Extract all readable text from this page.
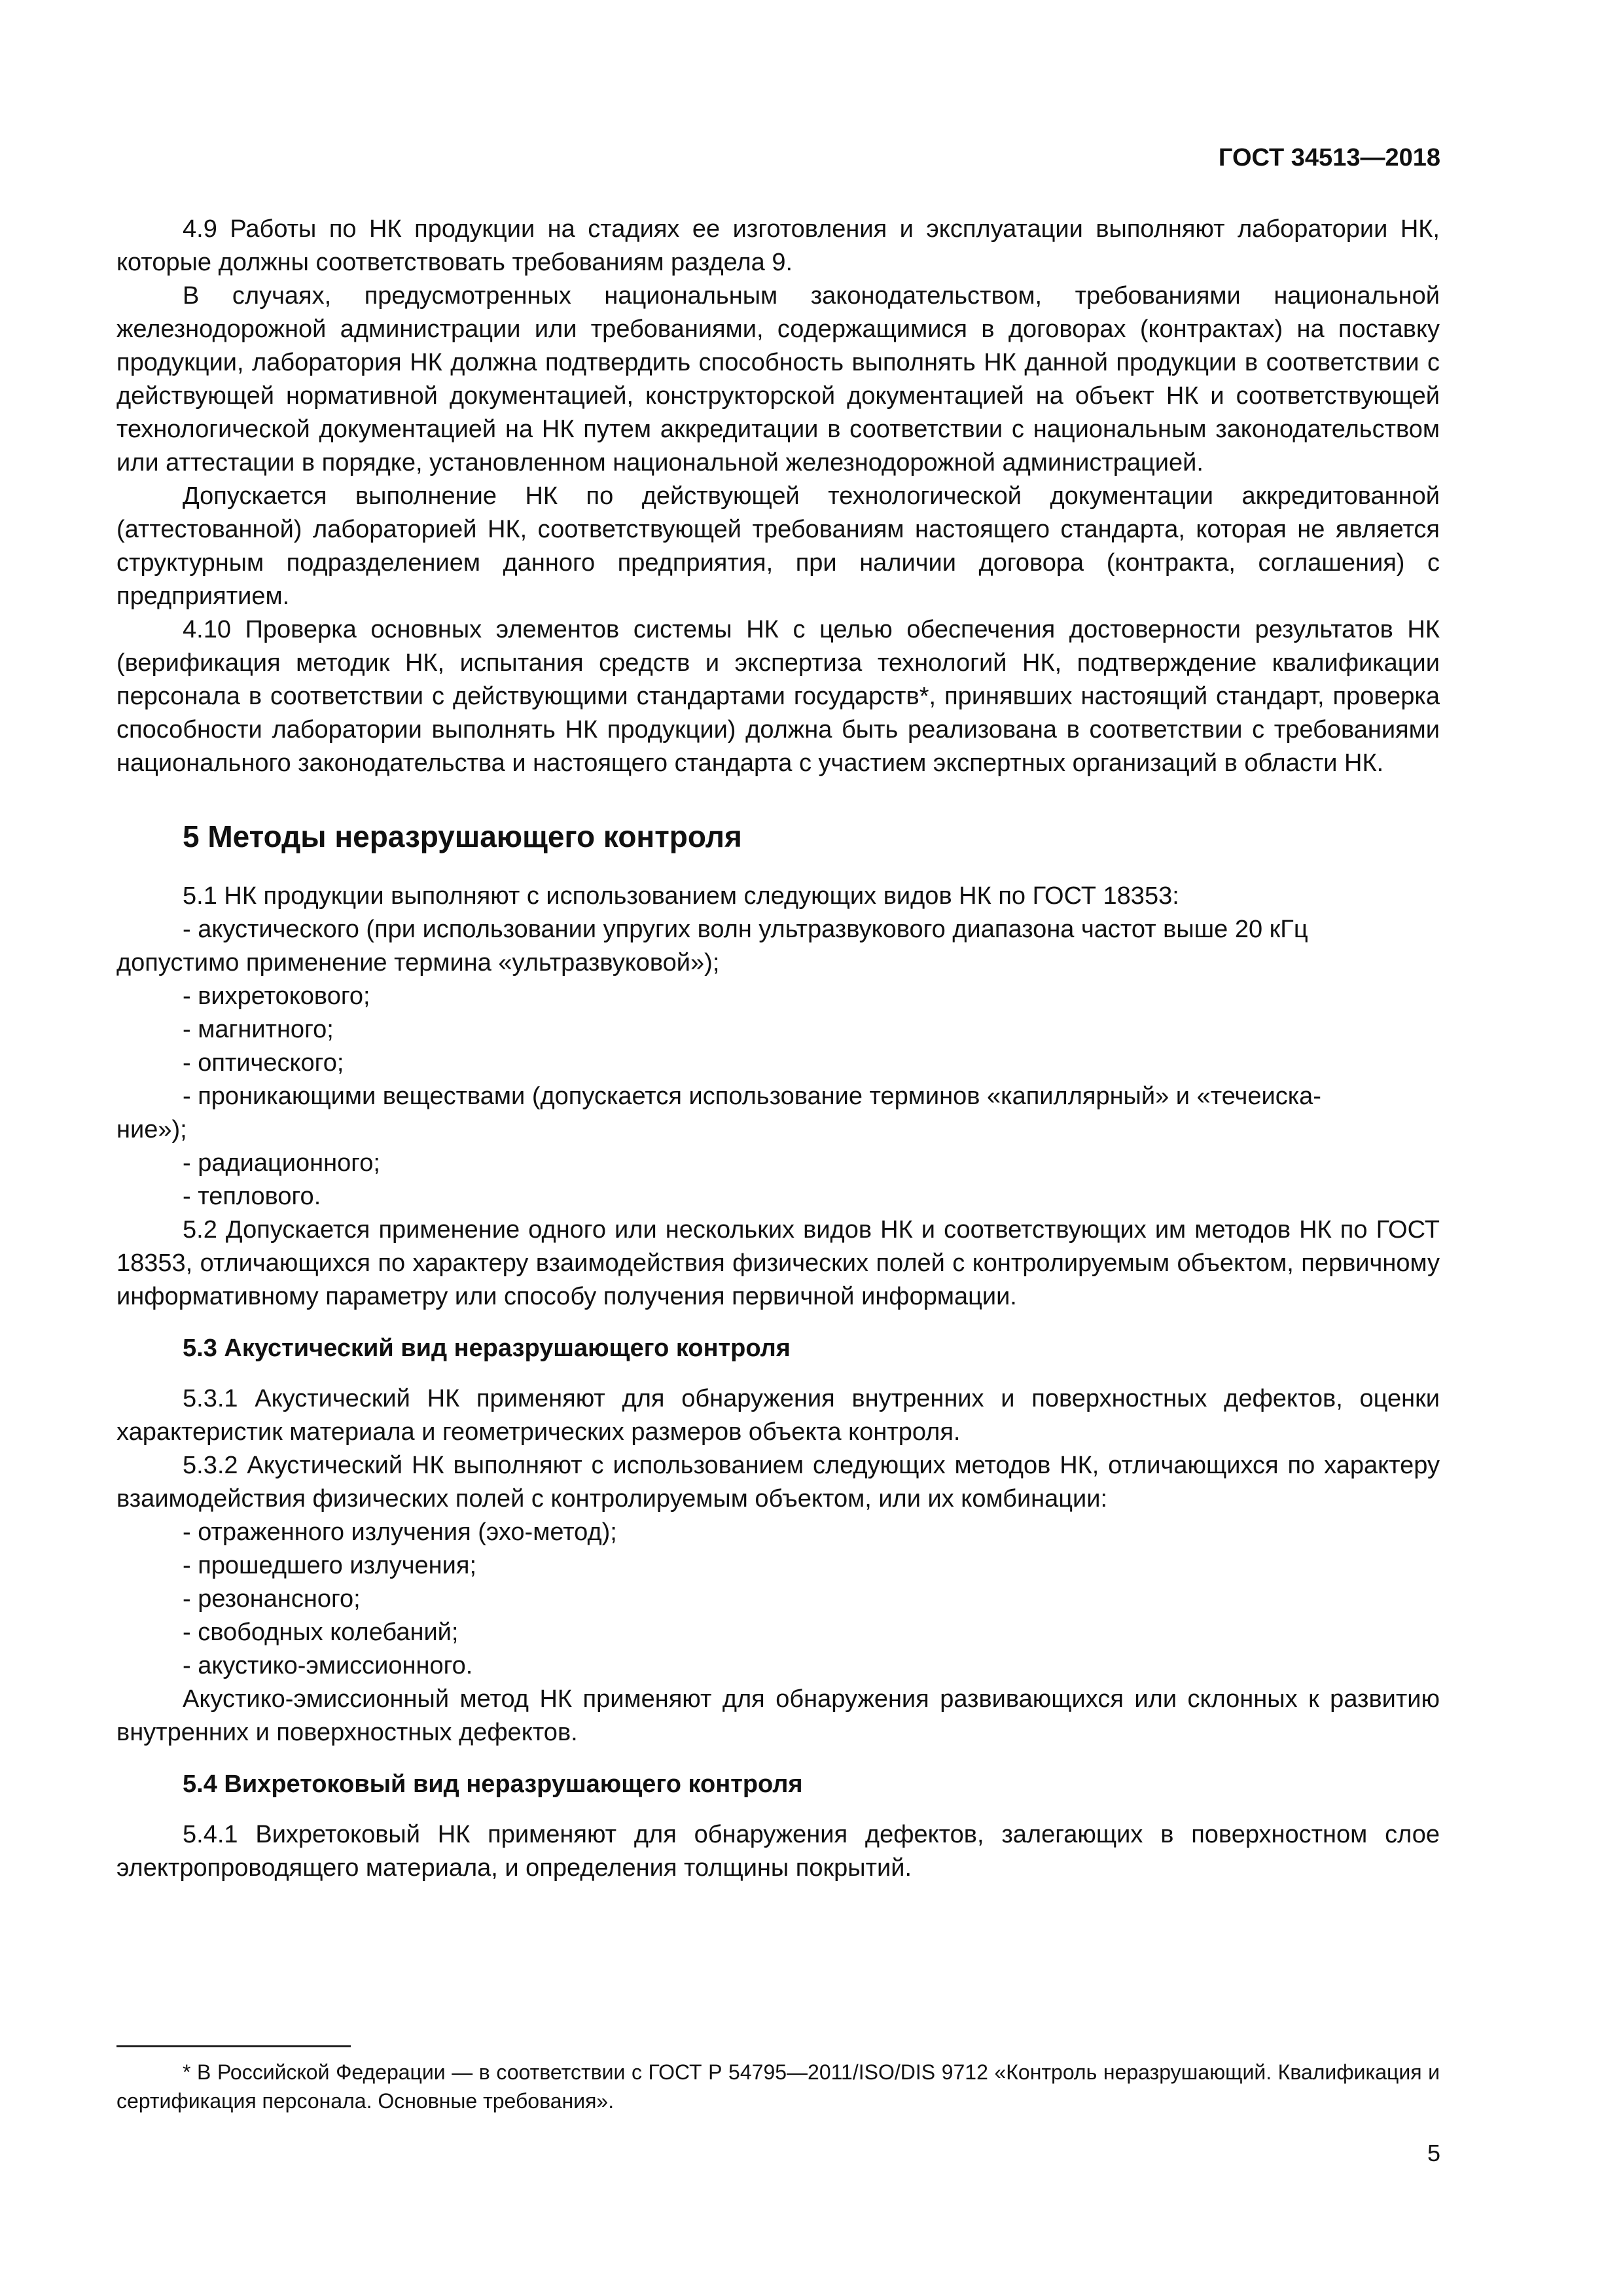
ГОСТ 34513—2018

4.9 Работы по НК продукции на стадиях ее изготовления и эксплуатации выполняют лаборатории НК, которые должны соответствовать требованиям раздела 9.

В случаях, предусмотренных национальным законодательством, требованиями национальной железнодорожной администрации или требованиями, содержащимися в договорах (контрактах) на поставку продукции, лаборатория НК должна подтвердить способность выполнять НК данной продукции в соответствии с действующей нормативной документацией, конструкторской документацией на объект НК и соответствующей технологической документацией на НК путем аккредитации в соответствии с национальным законодательством или аттестации в порядке, установленном национальной железнодорожной администрацией.

Допускается выполнение НК по действующей технологической документации аккредитованной (аттестованной) лабораторией НК, соответствующей требованиям настоящего стандарта, которая не является структурным подразделением данного предприятия, при наличии договора (контракта, соглашения) с предприятием.

4.10 Проверка основных элементов системы НК с целью обеспечения достоверности результатов НК (верификация методик НК, испытания средств и экспертиза технологий НК, подтверждение квалификации персонала в соответствии с действующими стандартами государств*, принявших настоящий стандарт, проверка способности лаборатории выполнять НК продукции) должна быть реализована в соответствии с требованиями национального законодательства и настоящего стандарта с участием экспертных организаций в области НК.

5 Методы неразрушающего контроля

5.1 НК продукции выполняют с использованием следующих видов НК по ГОСТ 18353:

- акустического (при использовании упругих волн ультразвукового диапазона частот выше 20 кГц

допустимо применение термина «ультразвуковой»);

- вихретокового;

- магнитного;

- оптического;

- проникающими веществами (допускается использование терминов «капиллярный» и «течеиска-

ние»);

- радиационного;

- теплового.

5.2 Допускается применение одного или нескольких видов НК и соответствующих им методов НК по ГОСТ 18353, отличающихся по характеру взаимодействия физических полей с контролируемым объектом, первичному информативному параметру или способу получения первичной информации.

5.3 Акустический вид неразрушающего контроля

5.3.1 Акустический НК применяют для обнаружения внутренних и поверхностных дефектов, оценки характеристик материала и геометрических размеров объекта контроля.

5.3.2 Акустический НК выполняют с использованием следующих методов НК, отличающихся по характеру взаимодействия физических полей с контролируемым объектом, или их комбинации:

- отраженного излучения (эхо-метод);

- прошедшего излучения;

- резонансного;

- свободных колебаний;

- акустико-эмиссионного.

Акустико-эмиссионный метод НК применяют для обнаружения развивающихся или склонных к развитию внутренних и поверхностных дефектов.

5.4 Вихретоковый вид неразрушающего контроля

5.4.1 Вихретоковый НК применяют для обнаружения дефектов, залегающих в поверхностном слое электропроводящего материала, и определения толщины покрытий.

* В Российской Федерации — в соответствии с ГОСТ Р 54795—2011/ISO/DIS 9712 «Контроль неразрушающий. Квалификация и сертификация персонала. Основные требования».

5
